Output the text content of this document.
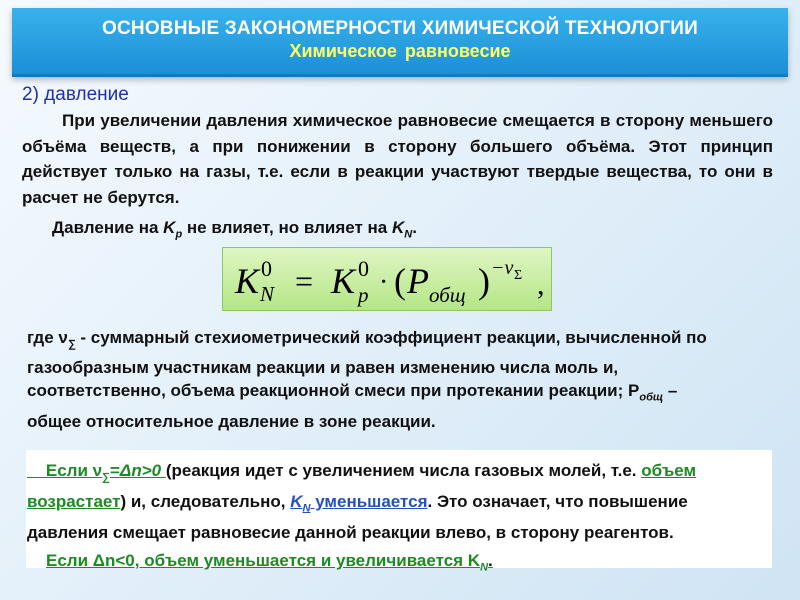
ОСНОВНЫЕ ЗАКОНОМЕРНОСТИ ХИМИЧЕСКОЙ ТЕХНОЛОГИИ
Химическое равновесие
2) давление
При увеличении давления химическое равновесие смещается в сторону меньшего объёма веществ, а при понижении в сторону большего объёма. Этот принцип действует только на газы, т.е. если в реакции участвуют твердые вещества, то они в расчет не берутся.
Давление на $K_p$ не влияет, но влияет на $K_N$.
K 0
N = K 0
p · ( P общ ) −ν Σ ,
где $\nu_\sum$ - суммарный стехиометрический коэффициент реакции, вычисленной по газообразным участникам реакции и равен изменению числа моль и, соответственно, объема реакционной смеси при протекании реакции; $P_{общ}$ – общее относительное давление в зоне реакции.
Если $\nu_\sum=\Delta n>0$ (реакция идет с увеличением числа газовых молей, т.е. объем возрастает) и, следовательно, $K_N$ уменьшается. Это означает, что повышение давления смещает равновесие данной реакции влево, в сторону реагентов.
Если Δn<0, объем уменьшается и увеличивается $K_N$.
